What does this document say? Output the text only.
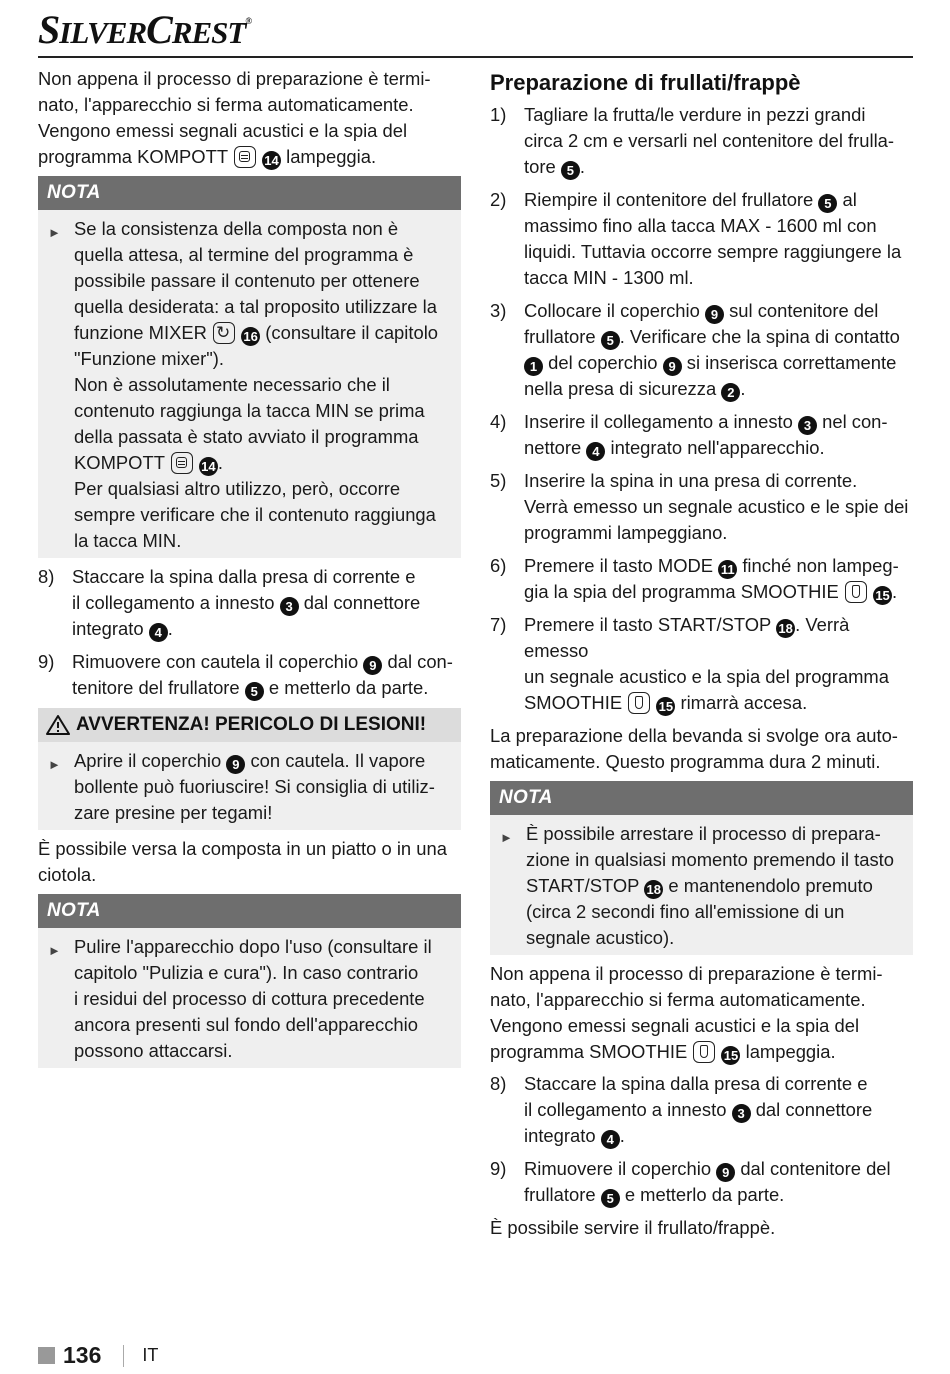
SILVERCREST®

Non appena il processo di preparazione è termi-
nato, l'apparecchio si ferma automaticamente.
Vengono emessi segnali acustici e la spia del
programma KOMPOTT	14 lampeggia.

NOTA
► Se la consistenza della composta non è
quella attesa, al termine del programma è
possibile passare il contenuto per ottenere
quella desiderata: a tal proposito utilizzare la
funzione MIXER ↻	16 (consultare il capitolo
"Funzione mixer").
Non è assolutamente necessario che il
contenuto raggiunga la tacca MIN se prima
della passata è stato avviato il programma
KOMPOTT	14 .
Per qualsiasi altro utilizzo, però, occorre
sempre verificare che il contenuto raggiunga
la tacca MIN.
8) Staccare la spina dalla presa di corrente e
il collegamento a innesto 3 dal connettore
integrato 4 .
9) Rimuovere con cautela il coperchio 9 dal con-
tenitore del frullatore 5 e metterlo da parte.
AVVERTENZA! PERICOLO DI LESIONI!
► Aprire il coperchio 9 con cautela. Il vapore
bollente può fuoriuscire! Si consiglia di utiliz-
zare presine per tegami!

È possibile versa la composta in un piatto o in una
ciotola.

NOTA
► Pulire l'apparecchio dopo l'uso (consultare il
capitolo "Pulizia e cura"). In caso contrario
i residui del processo di cottura precedente
ancora presenti sul fondo dell'apparecchio
possono attaccarsi.
Preparazione di frullati/frappè
1) Tagliare la frutta/le verdure in pezzi grandi
circa 2 cm e versarli nel contenitore del frulla-
tore 5 .
2) Riempire il contenitore del frullatore 5 al
massimo fino alla tacca MAX - 1600 ml con
liquidi. Tuttavia occorre sempre raggiungere la
tacca MIN - 1300 ml.
3) Collocare il coperchio 9 sul contenitore del
frullatore 5 . Verificare che la spina di contatto
1 del coperchio 9 si inserisca correttamente
nella presa di sicurezza 2 .
4) Inserire il collegamento a innesto 3 nel con-
nettore 4 integrato nell'apparecchio.
5) Inserire la spina in una presa di corrente.
Verrà emesso un segnale acustico e le spie dei
programmi lampeggiano.
6) Premere il tasto MODE 11 finché non lampeg-
gia la spia del programma SMOOTHIE	15 .
7) Premere il tasto START/STOP 18 . Verrà emesso
un segnale acustico e la spia del programma
SMOOTHIE	15 rimarrà accesa.

La preparazione della bevanda si svolge ora auto-
maticamente. Questo programma dura 2 minuti.

NOTA
► È possibile arrestare il processo di prepara-
zione in qualsiasi momento premendo il tasto
START/STOP 18 e mantenendolo premuto
(circa 2 secondi fino all'emissione di un
segnale acustico).

Non appena il processo di preparazione è termi-
nato, l'apparecchio si ferma automaticamente.
Vengono emessi segnali acustici e la spia del
programma SMOOTHIE	15 lampeggia.

8) Staccare la spina dalla presa di corrente e
il collegamento a innesto 3 dal connettore
integrato 4 .
9) Rimuovere il coperchio 9 dal contenitore del
frullatore 5 e metterlo da parte.

È possibile servire il frullato/frappè.

136 IT
